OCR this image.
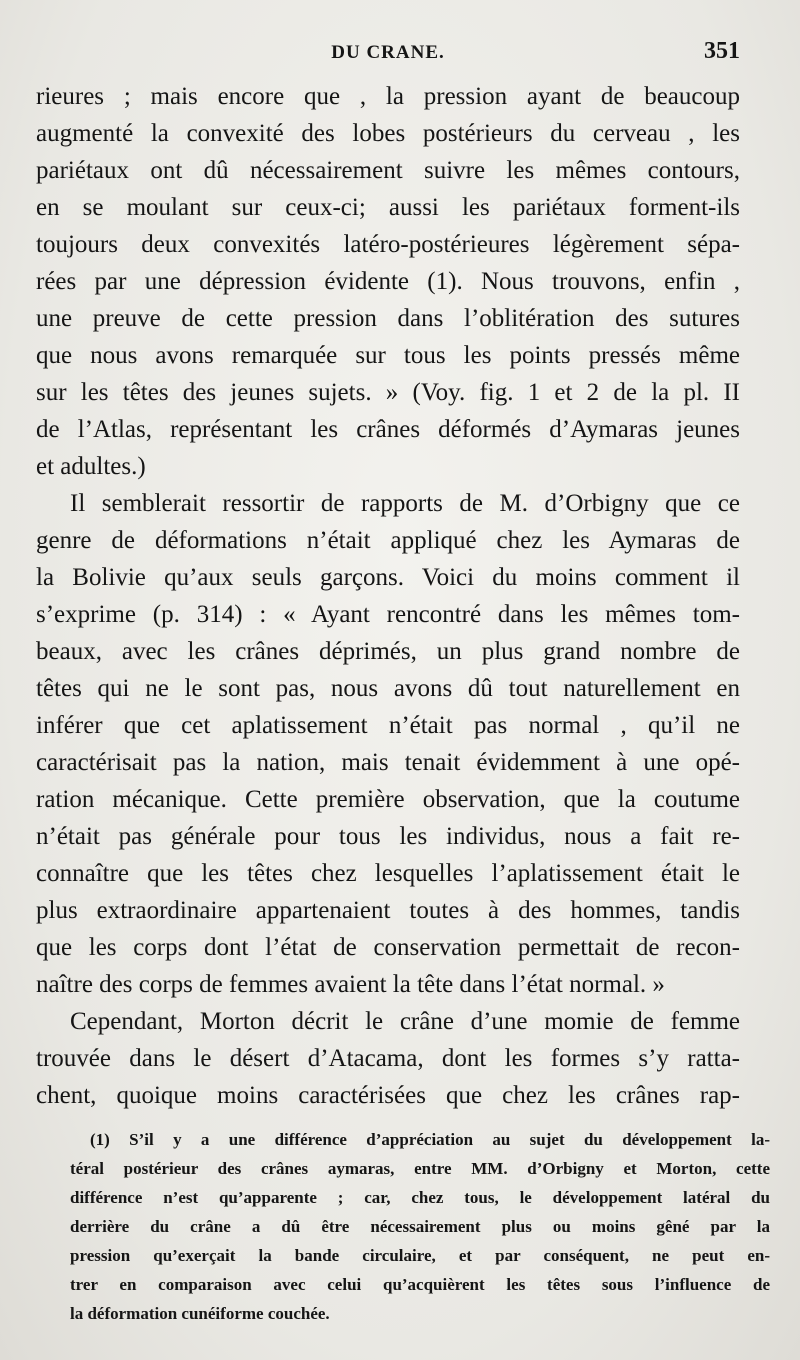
DU CRANE.	351
rieures ; mais encore que , la pression ayant de beaucoup
augmenté la convexité des lobes postérieurs du cerveau , les
pariétaux ont dû nécessairement suivre les mêmes contours,
en se moulant sur ceux-ci; aussi les pariétaux forment-ils
toujours deux convexités latéro-postérieures légèrement sépa-
rées par une dépression évidente (1). Nous trouvons, enfin ,
une preuve de cette pression dans l’oblitération des sutures
que nous avons remarquée sur tous les points pressés même
sur les têtes des jeunes sujets. » (Voy. fig. 1 et 2 de la pl. II
de l’Atlas, représentant les crânes déformés d’Aymaras jeunes
et adultes.)
Il semblerait ressortir de rapports de M. d’Orbigny que ce
genre de déformations n’était appliqué chez les Aymaras de
la Bolivie qu’aux seuls garçons. Voici du moins comment il
s’exprime (p. 314) : « Ayant rencontré dans les mêmes tom-
beaux, avec les crânes déprimés, un plus grand nombre de
têtes qui ne le sont pas, nous avons dû tout naturellement en
inférer que cet aplatissement n’était pas normal , qu’il ne
caractérisait pas la nation, mais tenait évidemment à une opé-
ration mécanique. Cette première observation, que la coutume
n’était pas générale pour tous les individus, nous a fait re-
connaître que les têtes chez lesquelles l’aplatissement était le
plus extraordinaire appartenaient toutes à des hommes, tandis
que les corps dont l’état de conservation permettait de recon-
naître des corps de femmes avaient la tête dans l’état normal. »
Cependant, Morton décrit le crâne d’une momie de femme
trouvée dans le désert d’Atacama, dont les formes s’y ratta-
chent, quoique moins caractérisées que chez les crânes rap-
(1) S’il y a une différence d’appréciation au sujet du développement la-
téral postérieur des crânes aymaras, entre MM. d’Orbigny et Morton, cette
différence n’est qu’apparente ; car, chez tous, le développement latéral du
derrière du crâne a dû être nécessairement plus ou moins gêné par la
pression qu’exerçait la bande circulaire, et par conséquent, ne peut en-
trer en comparaison avec celui qu’acquièrent les têtes sous l’influence de
la déformation cunéiforme couchée.
